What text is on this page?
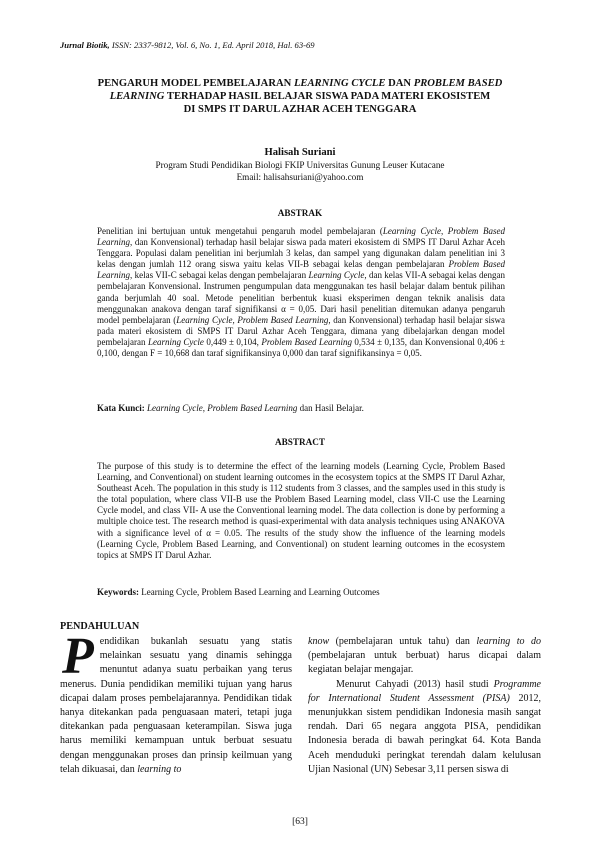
Jurnal Biotik, ISSN: 2337-9812, Vol. 6, No. 1, Ed. April 2018, Hal. 63-69
PENGARUH MODEL PEMBELAJARAN LEARNING CYCLE DAN PROBLEM BASED
LEARNING TERHADAP HASIL BELAJAR SISWA PADA MATERI EKOSISTEM
DI SMPS IT DARUL AZHAR ACEH TENGGARA
Halisah Suriani
Program Studi Pendidikan Biologi FKIP Universitas Gunung Leuser Kutacane
Email: halisahsuriani@yahoo.com
ABSTRAK
Penelitian ini bertujuan untuk mengetahui pengaruh model pembelajaran (Learning Cycle, Problem Based Learning, dan Konvensional) terhadap hasil belajar siswa pada materi ekosistem di SMPS IT Darul Azhar Aceh Tenggara. Populasi dalam penelitian ini berjumlah 3 kelas, dan sampel yang digunakan dalam penelitian ini 3 kelas dengan jumlah 112 orang siswa yaitu kelas VII-B sebagai kelas dengan pembelajaran Problem Based Learning, kelas VII-C sebagai kelas dengan pembelajaran Learning Cycle, dan kelas VII-A sebagai kelas dengan pembelajaran Konvensional. Instrumen pengumpulan data menggunakan tes hasil belajar dalam bentuk pilihan ganda berjumlah 40 soal. Metode penelitian berbentuk kuasi eksperimen dengan teknik analisis data menggunakan anakova dengan taraf signifikansi α = 0,05. Dari hasil penelitian ditemukan adanya pengaruh model pembelajaran (Learning Cycle, Problem Based Learning, dan Konvensional) terhadap hasil belajar siswa pada materi ekosistem di SMPS IT Darul Azhar Aceh Tenggara, dimana yang dibelajarkan dengan model pembelajaran Learning Cycle 0,449 ± 0,104, Problem Based Learning 0,534 ± 0,135, dan Konvensional 0,406 ± 0,100, dengan F = 10,668 dan taraf signifikansinya 0,000 dan taraf signifikansinya = 0,05.
Kata Kunci: Learning Cycle, Problem Based Learning dan Hasil Belajar.
ABSTRACT
The purpose of this study is to determine the effect of the learning models (Learning Cycle, Problem Based Learning, and Conventional) on student learning outcomes in the ecosystem topics at the SMPS IT Darul Azhar, Southeast Aceh. The population in this study is 112 students from 3 classes, and the samples used in this study is the total population, where class VII-B use the Problem Based Learning model, class VII-C use the Learning Cycle model, and class VII- A use the Conventional learning model. The data collection is done by performing a multiple choice test. The research method is quasi-experimental with data analysis techniques using ANAKOVA with a significance level of α = 0.05. The results of the study show the influence of the learning models (Learning Cycle, Problem Based Learning, and Conventional) on student learning outcomes in the ecosystem topics at SMPS IT Darul Azhar.
Keywords: Learning Cycle, Problem Based Learning and Learning Outcomes
PENDAHULUAN
Pendidikan bukanlah sesuatu yang statis melainkan sesuatu yang dinamis sehingga menuntut adanya suatu perbaikan yang terus menerus. Dunia pendidikan memiliki tujuan yang harus dicapai dalam proses pembelajarannya. Pendidikan tidak hanya ditekankan pada penguasaan materi, tetapi juga ditekankan pada penguasaan keterampilan. Siswa juga harus memiliki kemampuan untuk berbuat sesuatu dengan menggunakan proses dan prinsip keilmuan yang telah dikuasai, dan learning to

know (pembelajaran untuk tahu) dan learning to do (pembelajaran untuk berbuat) harus dicapai dalam kegiatan belajar mengajar.

Menurut Cahyadi (2013) hasil studi Programme for International Student Assessment (PISA) 2012, menunjukkan sistem pendidikan Indonesia masih sangat rendah. Dari 65 negara anggota PISA, pendidikan Indonesia berada di bawah peringkat 64. Kota Banda Aceh menduduki peringkat terendah dalam kelulusan Ujian Nasional (UN) Sebesar 3,11 persen siswa di

[63]
